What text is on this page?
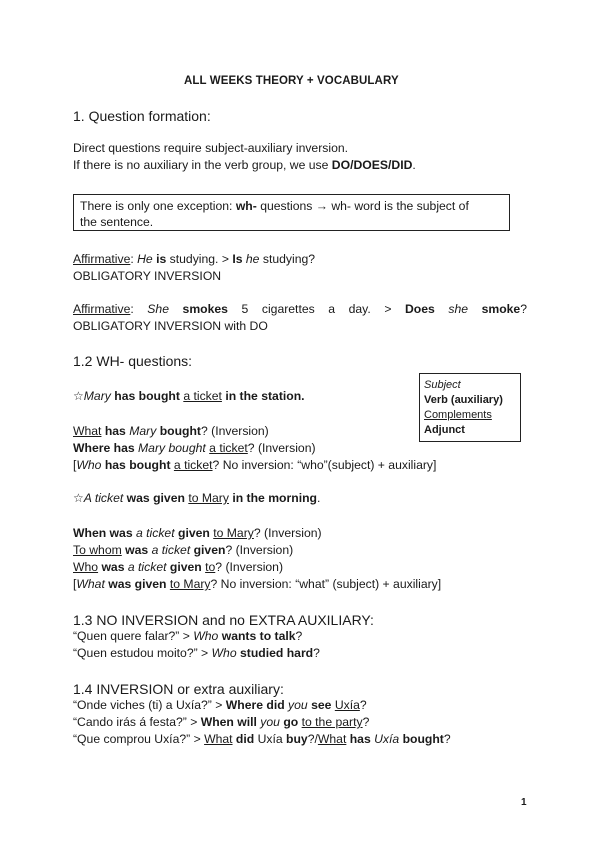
ALL WEEKS THEORY + VOCABULARY
1. Question formation:
Direct questions require subject-auxiliary inversion.
If there is no auxiliary in the verb group, we use DO/DOES/DID.
There is only one exception: wh- questions → wh- word is the subject of
the sentence.
Affirmative: He is studying. > Is he studying?
OBLIGATORY INVERSION
Affirmative: She smokes 5 cigarettes a day. > Does she smoke?
OBLIGATORY INVERSION with DO
1.2 WH- questions:
Subject
Verb (auxiliary)
Complements
Adjunct
☆Mary has bought a ticket in the station.
What has Mary bought? (Inversion)
Where has Mary bought a ticket? (Inversion)
[Who has bought a ticket? No inversion: “who”(subject) + auxiliary]
☆A ticket was given to Mary in the morning.
When was a ticket given to Mary? (Inversion)
To whom was a ticket given? (Inversion)
Who was a ticket given to? (Inversion)
[What was given to Mary? No inversion: “what” (subject) + auxiliary]
1.3 NO INVERSION and no EXTRA AUXILIARY:
“Quen quere falar?” > Who wants to talk?
“Quen estudou moito?” > Who studied hard?
1.4 INVERSION or extra auxiliary:
“Onde viches (ti) a Uxía?” > Where did you see Uxía?
“Cando irás á festa?” > When will you go to the party?
“Que comprou Uxía?” > What did Uxía buy?/What has Uxía bought?
1
